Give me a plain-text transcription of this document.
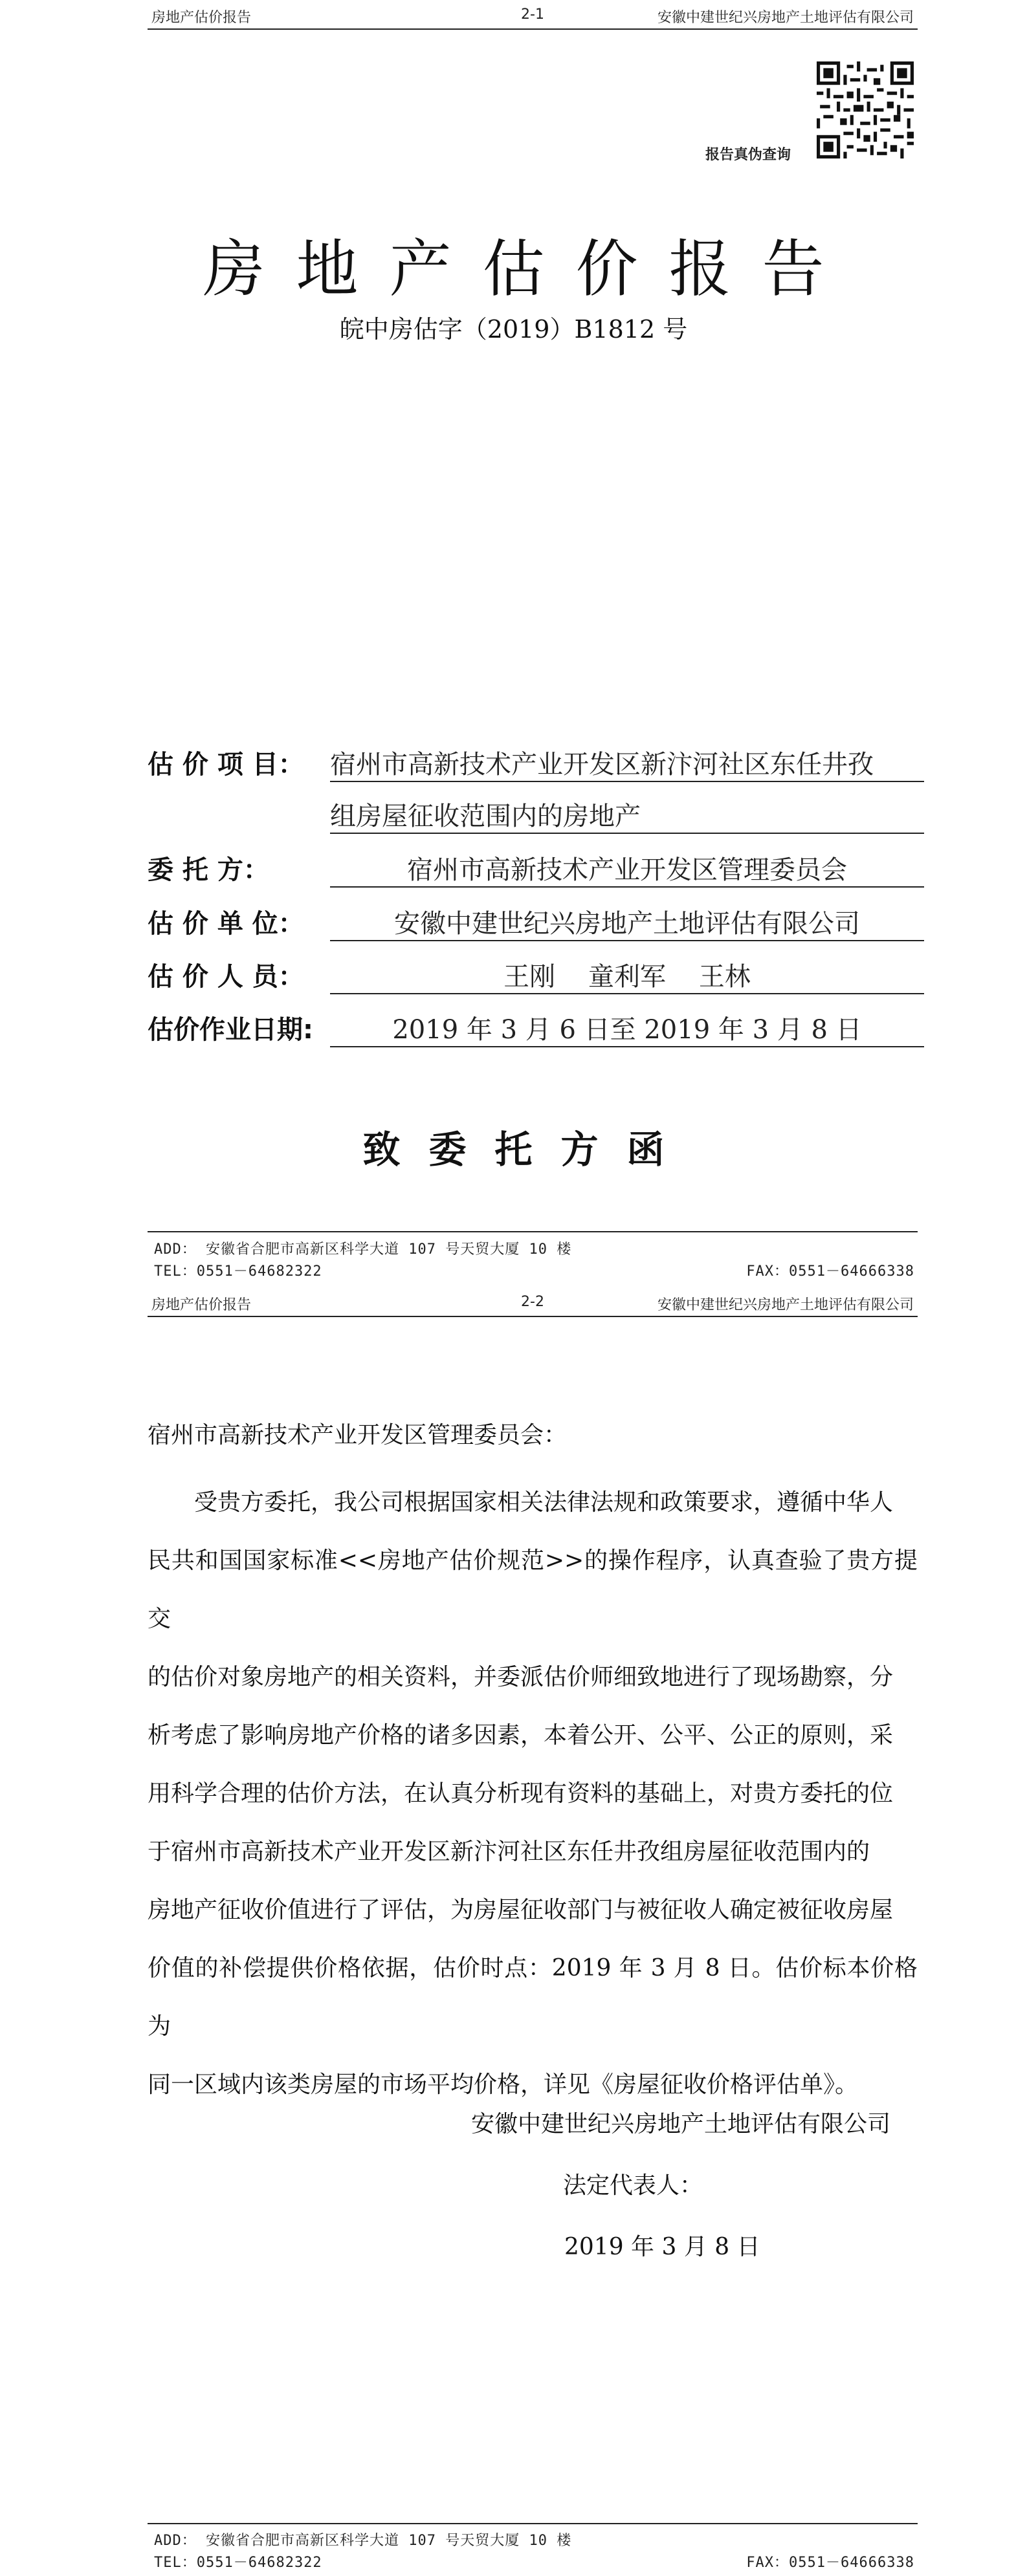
房地产估价报告	2-1	安徽中建世纪兴房地产土地评估有限公司
报告真伪查询
房地产估价报告
皖中房估字（2019）B1812 号
估 价 项 目： 宿州市高新技术产业开发区新汴河社区东任井孜
组房屋征收范围内的房地产
委 托 方：	宿州市高新技术产业开发区管理委员会
估 价 单 位：	安徽中建世纪兴房地产土地评估有限公司
估 价 人 员：	王刚    童利军    王林
估价作业日期:	2019 年 3 月 6 日至 2019 年 3 月 8 日
致委托方函
ADD： 安徽省合肥市高新区科学大道 107 号天贸大厦 10 楼
TEL：0551－64682322	FAX：0551－64666338
房地产估价报告	2-2	安徽中建世纪兴房地产土地评估有限公司
宿州市高新技术产业开发区管理委员会：
　　受贵方委托，我公司根据国家相关法律法规和政策要求，遵循中华人
民共和国国家标准<<房地产估价规范>>的操作程序，认真查验了贵方提交
的估价对象房地产的相关资料，并委派估价师细致地进行了现场勘察，分
析考虑了影响房地产价格的诸多因素，本着公开、公平、公正的原则，采
用科学合理的估价方法，在认真分析现有资料的基础上，对贵方委托的位
于宿州市高新技术产业开发区新汴河社区东任井孜组房屋征收范围内的
房地产征收价值进行了评估，为房屋征收部门与被征收人确定被征收房屋
价值的补偿提供价格依据，估价时点：2019 年 3 月 8 日。估价标本价格为
同一区域内该类房屋的市场平均价格，详见《房屋征收价格评估单》。
安徽中建世纪兴房地产土地评估有限公司
法定代表人：
2019 年 3 月 8 日
ADD： 安徽省合肥市高新区科学大道 107 号天贸大厦 10 楼
TEL：0551－64682322	FAX：0551－64666338
